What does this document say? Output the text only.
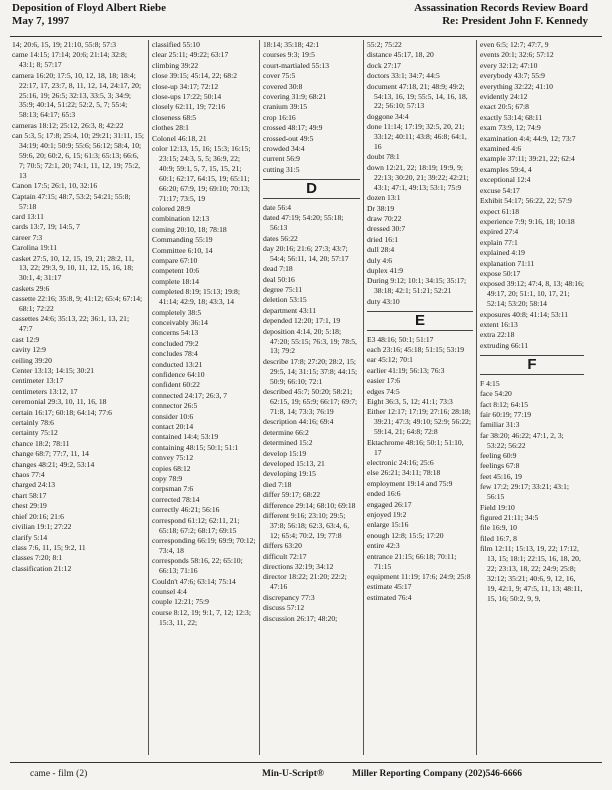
Deposition of Floyd Albert Riebe
May 7, 1997
Assassination Records Review Board
Re: President John F. Kennedy
14; 20:6, 15, 19; 21:10, 55:8; 57:3
came 14:15; 17:14; 20:6; 21:14; 32:8; 43:1; 8; 57:17
camera 16:20; 17:5, 10, 12, 18, 18; 18:4; 22:17, 17, 23:7, 8, 11, 12, 14, 24:17, 20; 25:16, 19; 26:5; 32:13, 33:5, 3; 34:9; 35:9; 40:14, 51:22; 52:2, 5, 7; 55:4; 58:13; 64:17; 65:3
cameras 18:12; 25:12, 26:3, 8; 42:22
can 5:3, 5; 17:8; 25:4, 10; 29:21; 31:11, 15; 34:19; 40:1; 50:9; 55:6; 56:12; 58:4, 10; 59:6, 20; 60:2, 6, 15; 61:3; 65:13; 66:6, 7; 70:5; 72:1, 20; 74:1, 11, 12, 19; 75:2, 13
Canon 17:5; 26:1, 10, 32:16
Captain 47:15; 48:7, 53:2; 54:21; 55:8; 57:18
card 13:11
cards 13:7, 19; 14:5, 7
career 7:3
Carolina 19:11
casket 27:5, 10, 12, 15, 19, 21; 28:2, 11, 13, 22; 29:3, 9, 10, 11, 12, 15, 16, 18; 30:1, 4; 31:17
caskets 29:6
cassette 22:16; 35:8, 9; 41:12; 65:4; 67:14; 68:1; 72:22
cassettes 24:6; 35:13, 22; 36:1, 13, 21; 47:7
cast 12:9
cavity 12:9
ceiling 39:20
Center 13:13; 14:15; 30:21
centimeter 13:17
centimeters 13:12, 17
ceremonial 29:3, 10, 11, 16, 18
certain 16:17; 60:18; 64:14; 77:6
certainly 78:6
certainty 75:12
chance 18:2; 78:11
change 68:7; 77:7, 11, 14
changes 48:21; 49:2, 53:14
chaos 77:4
charged 24:13
chart 58:17
chest 29:19
chief 20:16; 21:6
civilian 19:1; 27:22
clarify 5:14
class 7:6, 11, 15; 9:2, 11
classes 7:20; 8:1
classification 21:12
classified 55:10
clear 25:11; 49:22; 63:17
climbing 39:22
close 39:15; 45:14, 22; 68:2
close-up 34:17; 72:12
close-ups 17:22; 50:14
closely 62:11, 19; 72:16
closeness 68:5
clothes 28:1
Colonel 46:18, 21
color 12:13, 15, 16; 15:3; 16:15; 23:15; 24:3, 5, 5; 36:9, 22; 40:9; 59:1, 5, 7, 15, 15, 21; 60:1; 62:17, 64:15, 19; 65:11; 66:20; 67:9, 19; 69:10; 70:13; 71:17; 73:5, 19
colored 28:9
combination 12:13
coming 20:10, 18; 78:18
Commanding 55:19
Committee 6:10, 14
compare 67:10
competent 10:6
complete 18:14
completed 8:19; 15:13; 19:8; 41:14; 42:9, 18; 43:3, 14
completely 38:5
conceivably 36:14
concerns 54:13
concluded 79:2
concludes 78:4
conducted 13:21
confidence 64:10
confident 60:22
connected 24:17; 26:3, 7
connector 26:5
consider 10:6
contact 20:14
contained 14:4; 53:19
containing 48:15; 50:1; 51:1
convey 75:12
copies 68:12
copy 78:9
corpsman 7:6
corrected 78:14
correctly 46:21; 56:16
correspond 61:12; 62:11, 21; 65:18; 67:2; 68:17; 69:15
corresponding 66:19; 69:9; 70:12; 73:4, 18
corresponds 58:16, 22; 65:10; 66:13; 71:16
Couldn't 47:6; 63:14; 75:14
counsel 4:4
couple 12:21; 75:9
course 8:12, 19; 9:1, 7, 12; 12:3; 15:3, 11, 22;
18:14; 35:18; 42:1
courses 9:3; 19:5
court-martialed 55:13
cover 75:5
covered 30:8
covering 31:9; 68:21
cranium 39:15
crop 16:16
crossed 48:17; 49:9
crossed-out 49:5
crowded 34:4
current 56:9
cutting 31:5
D
date 56:4
dated 47:19; 54:20; 55:18; 56:13
dates 56:22
day 20:16; 21:6; 27:3; 43:7; 54:4; 56:11, 14, 20; 57:17
dead 7:18
deal 50:16
degree 75:11
deletion 53:15
department 43:11
depended 12:20; 17:1, 19
deposition 4:14, 20; 5:18; 47:20; 55:15; 76:3, 19; 78:5, 13; 79:2
describe 17:8; 27:20; 28:2, 15; 29:5, 14; 31:15; 37:8; 44:15; 50:9; 66:10; 72:1
described 45:7; 50:20; 58:21; 62:15, 19; 65:9; 66:17; 69:7; 71:8, 14; 73:3; 76:19
description 44:16; 69:4
determine 66:2
determined 15:2
develop 15:19
developed 15:13, 21
developing 19:15
died 7:18
differ 59:17; 68:22
difference 29:14; 68:10; 69:18
different 9:16; 23:10; 29:5; 37:8; 56:18; 62:3, 63:4, 6, 12; 65:4; 70:2, 19; 77:8
differs 63:20
difficult 72:17
directions 32:19; 34:12
director 18:22; 21:20; 22:2; 47:16
discrepancy 77:3
discuss 57:12
discussion 26:17; 48:20;
55:2; 75:22
distance 45:17, 18, 20
dock 27:17
doctors 33:1; 34:7; 44:5
document 47:18, 21; 48:9; 49:2; 54:13, 16, 19; 55:5, 14, 16, 18, 22; 56:10; 57:13
doggone 34:4
done 11:14; 17:19; 32:5, 20, 21; 33:12; 40:11; 43:8; 46:8; 64:1, 16
doubt 78:1
down 12:21, 22; 18:19; 19:9, 9; 22:13; 30:20, 21; 39:22; 42:21; 43:1; 47:1, 49:13; 53:1; 75:9
dozen 13:1
Dr 38:19
draw 70:22
dressed 30:7
dried 16:1
dull 28:4
duly 4:6
duplex 41:9
During 9:12; 10:1; 34:15; 35:17; 38:18; 42:1; 51:21; 52:21
duty 43:10
E
E3 48:16; 50:1; 51:17
each 23:16; 45:18; 51:15; 53:19
ear 45:12; 70:1
earlier 41:19; 56:13; 76:3
easier 17:6
edges 74:5
Eight 36:3, 5, 12; 41:1; 73:3
Either 12:17; 17:19; 27:16; 28:18; 39:21; 47:3; 49:10; 52:9; 56:22; 59:14, 21; 64:8; 72:8
Ektachrome 48:16; 50:1; 51:10, 17
electronic 24:16; 25:6
else 26:21; 34:11; 78:18
employment 19:14 and 75:9
ended 16:6
engaged 26:17
enjoyed 19:2
enlarge 15:16
enough 12:8; 15:5; 17:20
entire 42:3
entrance 21:15; 66:18; 70:11; 71:15
equipment 11:19; 17:6; 24:9; 25:8
estimate 45:17
estimated 76:4
even 6:5; 12:7; 47:7, 9
events 20:1; 32:6; 57:12
every 32:12; 47:10
everybody 43:7; 55:9
everything 32:22; 41:10
evidently 24:12
exact 20:5; 67:8
exactly 53:14; 68:11
exam 73:9, 12; 74:9
examination 4:4; 44:9, 12; 73:7
examined 4:6
example 37:11; 39:21, 22; 62:4
examples 59:4, 4
exceptional 12:4
excuse 54:17
Exhibit 54:17; 56:22, 22; 57:9
expect 61:18
experience 7:9; 9:16, 18; 10:18
expired 27:4
explain 77:1
explained 4:19
explanation 71:11
expose 50:17
exposed 39:12; 47:4, 8, 13; 48:16; 49:17, 20; 51:1, 10, 17, 21; 52:14; 53:20; 58:14
exposures 40:8; 41:14; 53:11
extent 16:13
extra 22:18
extruding 66:11
F
F 4:15
face 54:20
fact 8:12; 64:15
fair 60:19; 77:19
familiar 31:3
far 38:20; 46:22; 47:1, 2, 3; 53:22; 56:22
feeling 60:9
feelings 67:8
feet 45:16, 19
few 17:2; 29:17; 33:21; 43:1; 56:15
Field 19:10
figured 21:11; 34:5
file 16:9, 10
filed 16:7, 8
film 12:11; 15:13, 19, 22; 17:12, 13, 15; 18:1; 22:15, 16, 18, 20, 22; 23:13, 18, 22; 24:9; 25:8; 32:12; 35:21; 40:6, 9, 12, 16, 19, 42:1, 9; 47:5, 11, 13; 48:11, 15, 16; 50:2, 9, 9,
came - film (2)	Min-U-Script®	Miller Reporting Company (202)546-6666
